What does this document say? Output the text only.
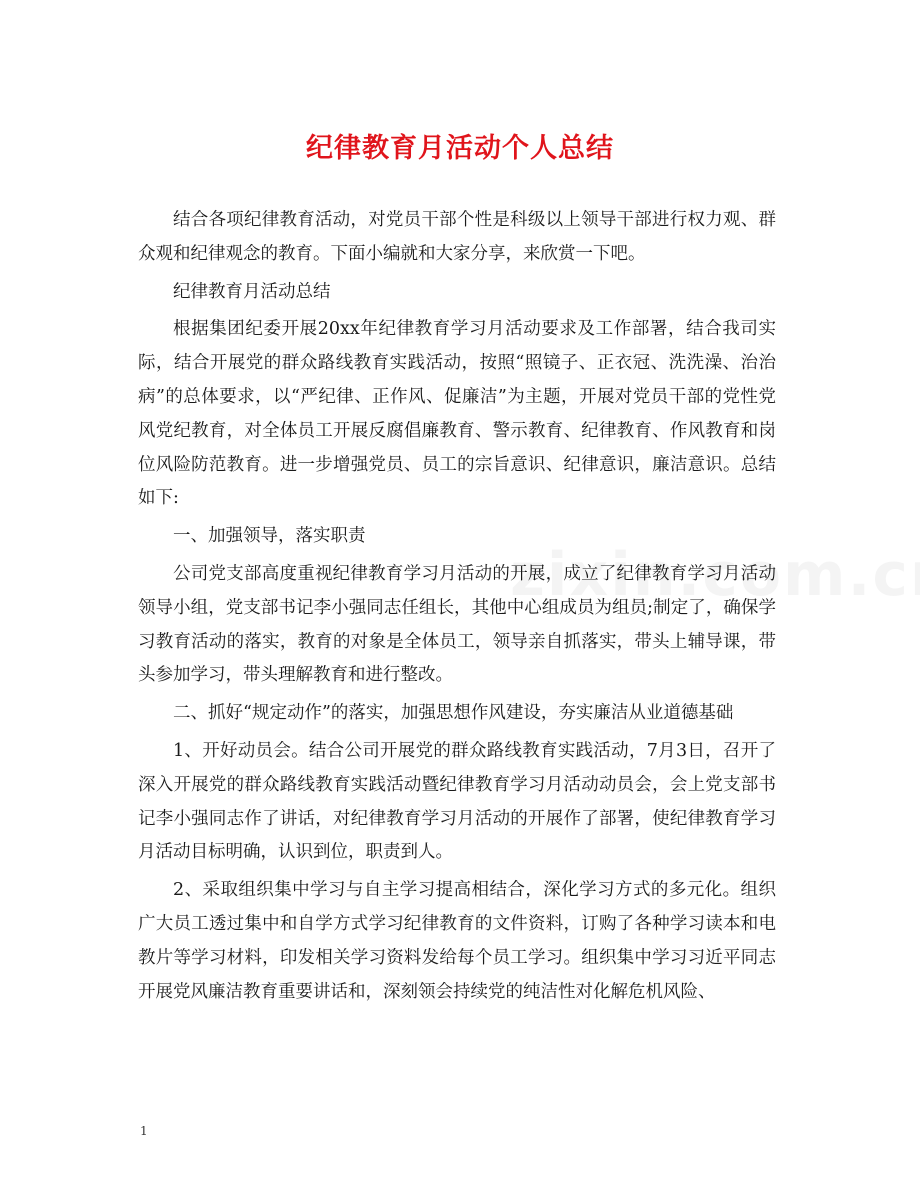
纪律教育月活动个人总结

结合各项纪律教育活动，对党员干部个性是科级以上领导干部进行权力观、群众观和纪律观念的教育。下面小编就和大家分享，来欣赏一下吧。

纪律教育月活动总结

根据集团纪委开展20xx年纪律教育学习月活动要求及工作部署，结合我司实际，结合开展党的群众路线教育实践活动，按照“照镜子、正衣冠、洗洗澡、治治病”的总体要求，以“严纪律、正作风、促廉洁”为主题，开展对党员干部的党性党风党纪教育，对全体员工开展反腐倡廉教育、警示教育、纪律教育、作风教育和岗位风险防范教育。进一步增强党员、员工的宗旨意识、纪律意识，廉洁意识。总结如下:

一、加强领导，落实职责

公司党支部高度重视纪律教育学习月活动的开展，成立了纪律教育学习月活动领导小组，党支部书记李小强同志任组长，其他中心组成员为组员;制定了，确保学习教育活动的落实，教育的对象是全体员工，领导亲自抓落实，带头上辅导课，带头参加学习，带头理解教育和进行整改。

二、抓好“规定动作”的落实，加强思想作风建设，夯实廉洁从业道德基础

1、开好动员会。结合公司开展党的群众路线教育实践活动，7月3日，召开了深入开展党的群众路线教育实践活动暨纪律教育学习月活动动员会，会上党支部书记李小强同志作了讲话，对纪律教育学习月活动的开展作了部署，使纪律教育学习月活动目标明确，认识到位，职责到人。

2、采取组织集中学习与自主学习提高相结合，深化学习方式的多元化。组织广大员工透过集中和自学方式学习纪律教育的文件资料，订购了各种学习读本和电教片等学习材料，印发相关学习资料发给每个员工学习。组织集中学习习近平同志开展党风廉洁教育重要讲话和，深刻领会持续党的纯洁性对化解危机风险、

1
